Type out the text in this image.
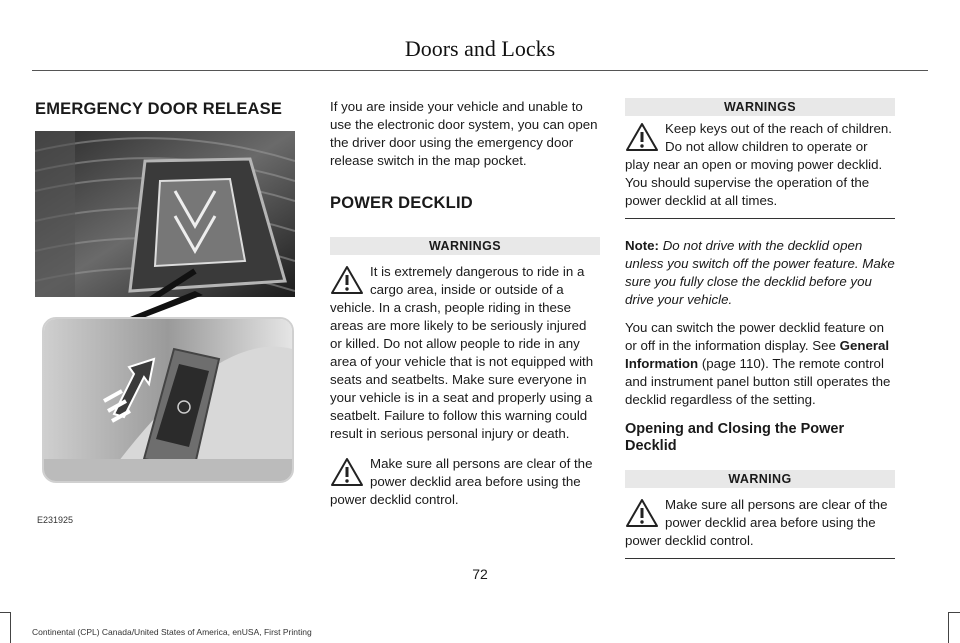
Doors and Locks
EMERGENCY DOOR RELEASE
E231925

If you are inside your vehicle and unable to use the electronic door system, you can open the driver door using the emergency door release switch in the map pocket.

POWER DECKLID
WARNINGS
It is extremely dangerous to ride in a cargo area, inside or outside of a vehicle. In a crash, people riding in these areas are more likely to be seriously injured or killed. Do not allow people to ride in any area of your vehicle that is not equipped with seats and seatbelts. Make sure everyone in your vehicle is in a seat and properly using a seatbelt. Failure to follow this warning could result in serious personal injury or death.
Make sure all persons are clear of the power decklid area before using the power decklid control.
WARNINGS
Keep keys out of the reach of children. Do not allow children to operate or play near an open or moving power decklid. You should supervise the operation of the power decklid at all times.

Note: Do not drive with the decklid open unless you switch off the power feature. Make sure you fully close the decklid before you drive your vehicle.

You can switch the power decklid feature on or off in the information display. See General Information (page 110). The remote control and instrument panel button still operates the decklid regardless of the setting.

Opening and Closing the Power Decklid
WARNING
Make sure all persons are clear of the power decklid area before using the power decklid control.
72
Continental (CPL) Canada/United States of America, enUSA, First Printing
